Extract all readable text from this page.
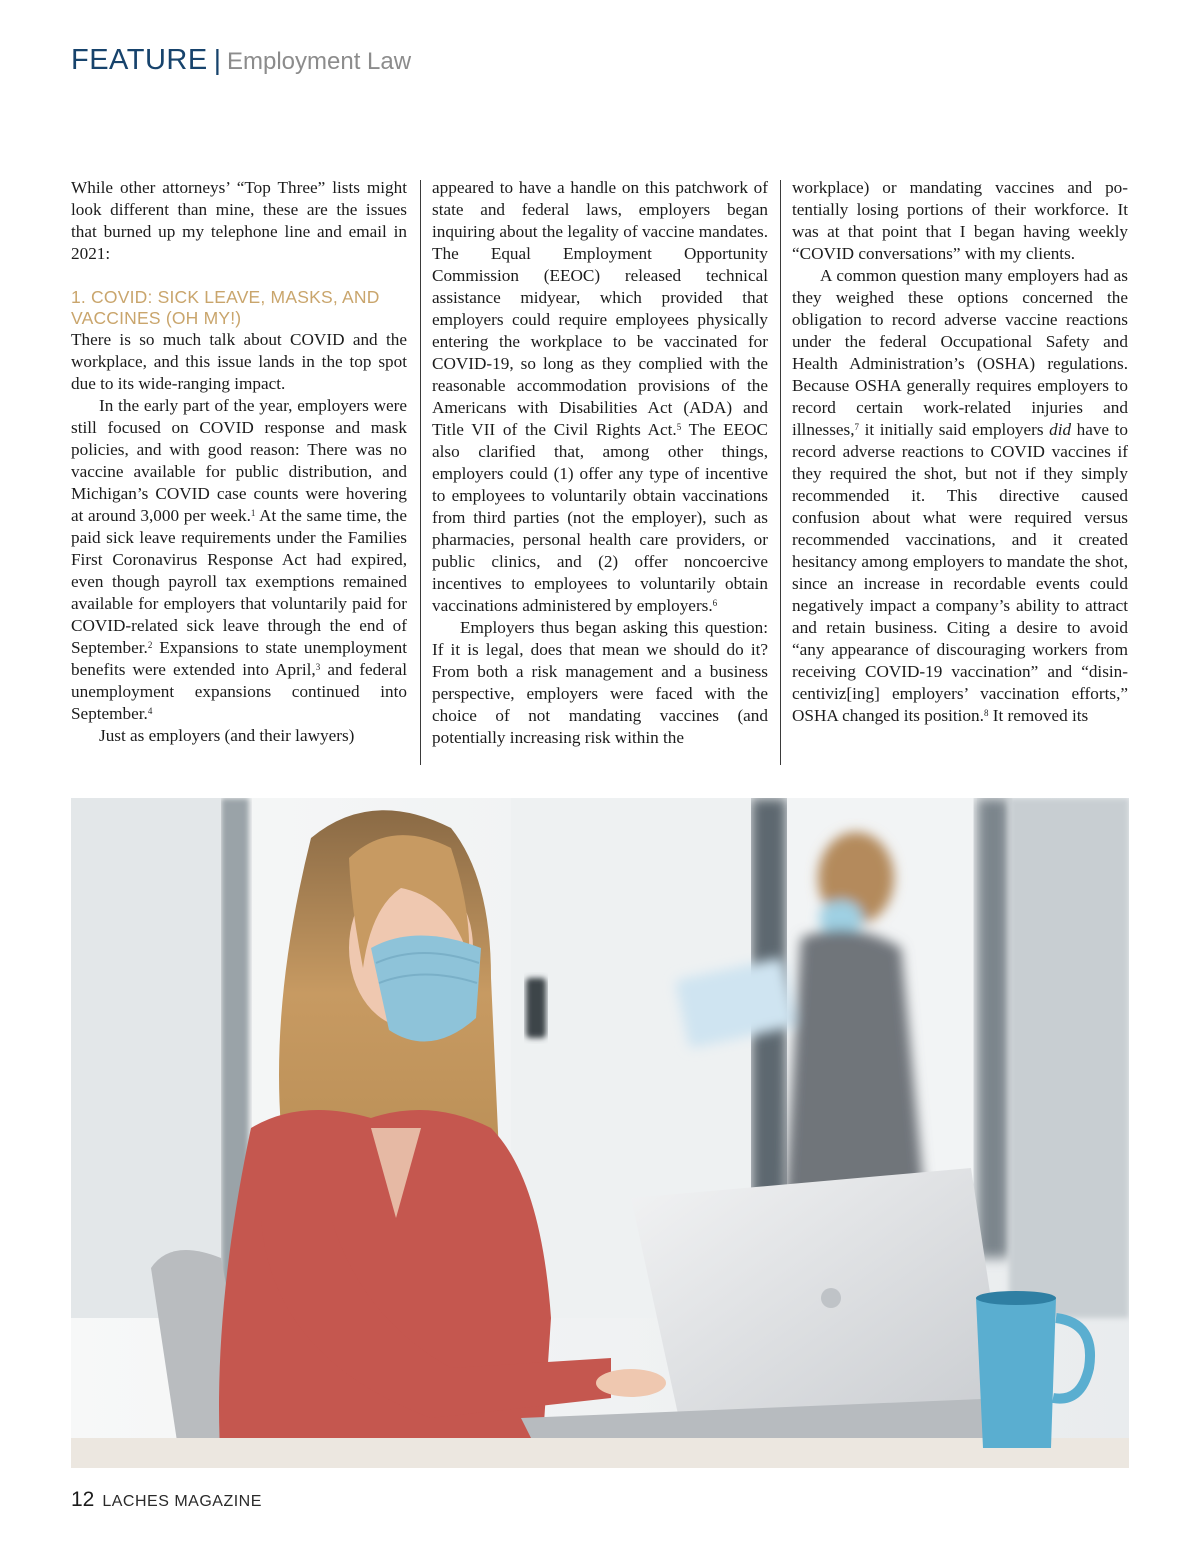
FEATURE | Employment Law

While other attorneys’ “Top Three” lists might look different than mine, these are the issues that burned up my telephone line and email in 2021:

1. COVID: SICK LEAVE, MASKS, AND VACCINES (OH MY!)

There is so much talk about COVID and the workplace, and this issue lands in the top spot due to its wide-ranging impact.

In the early part of the year, employers were still focused on COVID response and mask policies, and with good reason: There was no vaccine available for public distribution, and Michigan’s COVID case counts were hovering at around 3,000 per week.$^1$ At the same time, the paid sick leave requirements under the Families First Coronavirus Response Act had expired, even though payroll tax exemptions remained available for employers that voluntarily paid for COVID-related sick leave through the end of September.$^2$ Expansions to state unemployment benefits were extended into April,$^3$ and federal unemployment expansions continued into September.$^4$

Just as employers (and their lawyers)

appeared to have a handle on this patchwork of state and federal laws, employers began inquiring about the legality of vaccine mandates. The Equal Employment Opportunity Commission (EEOC) released technical assistance midyear, which provided that employers could require employees physically entering the workplace to be vaccinated for COVID-19, so long as they complied with the reasonable accommodation provisions of the Americans with Disabilities Act (ADA) and Title VII of the Civil Rights Act.$^5$ The EEOC also clarified that, among other things, employers could (1) offer any type of incentive to employees to voluntarily obtain vaccinations from third parties (not the employer), such as pharmacies, personal health care providers, or public clinics, and (2) offer noncoercive incentives to employees to voluntarily obtain vaccinations administered by employers.$^6$

Employers thus began asking this question: If it is legal, does that mean we should do it? From both a risk management and a business perspective, employers were faced with the choice of not mandating vaccines (and potentially increasing risk within the

workplace) or mandating vaccines and potentially losing portions of their workforce. It was at that point that I began having weekly “COVID conversations” with my clients.

A common question many employers had as they weighed these options concerned the obligation to record adverse vaccine reactions under the federal Occupational Safety and Health Administration’s (OSHA) regulations. Because OSHA generally requires employers to record certain work-related injuries and illnesses,$^7$ it initially said employers did have to record adverse reactions to COVID vaccines if they required the shot, but not if they simply recommended it. This directive caused confusion about what were required versus recommended vaccinations, and it created hesitancy among employers to mandate the shot, since an increase in recordable events could negatively impact a company’s ability to attract and retain business. Citing a desire to avoid “any appearance of discouraging workers from receiving COVID-19 vaccination” and “disincentiviz[ing] employers’ vaccination efforts,” OSHA changed its position.$^8$ It removed its

12 LACHES MAGAZINE
